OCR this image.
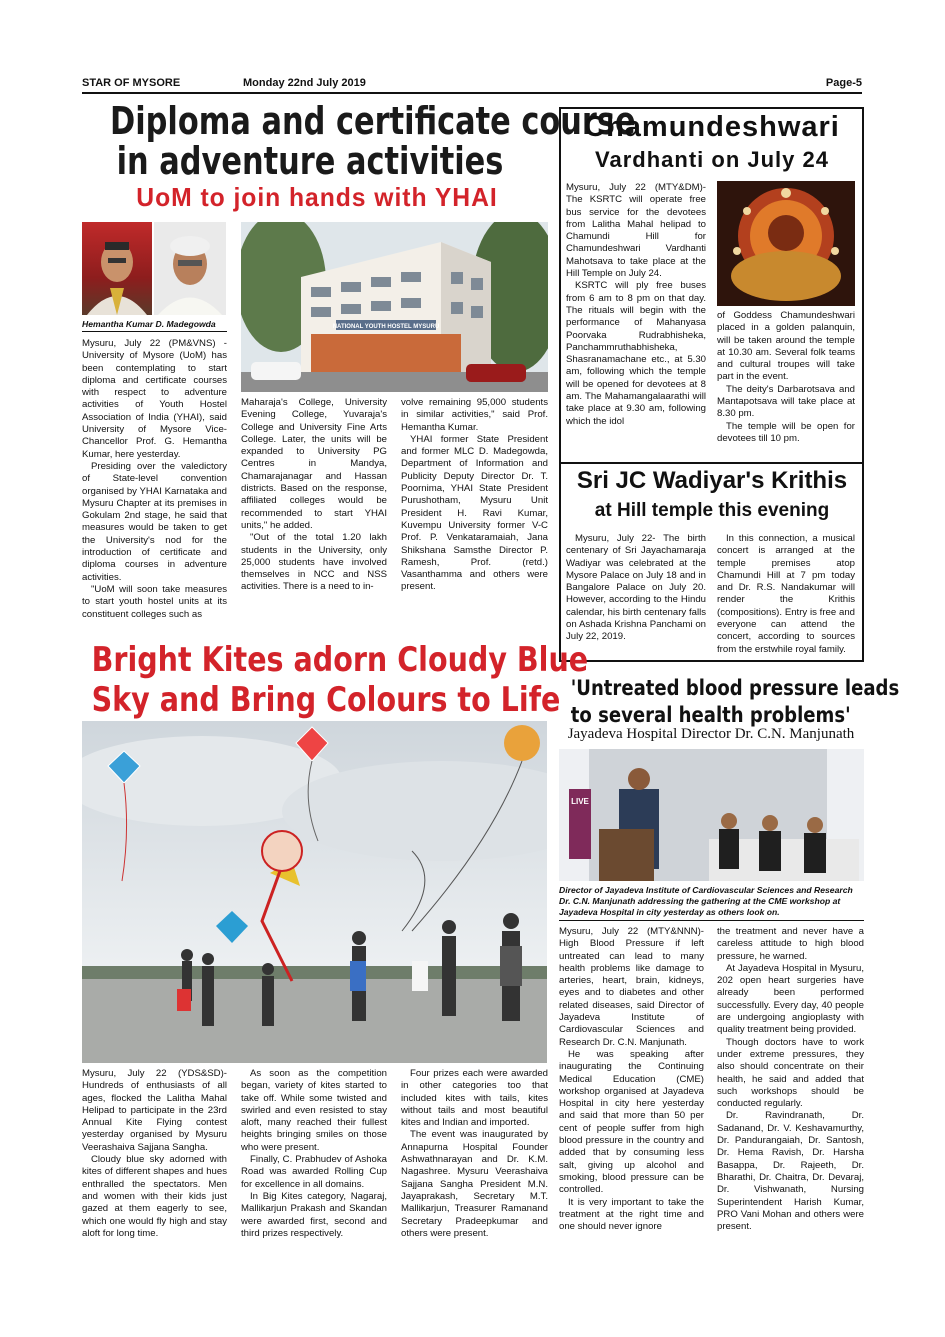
STAR OF MYSORE	Monday 22nd July 2019	Page-5
Diploma and certificate course
in adventure activities
UoM to join hands with YHAI
Hemantha Kumar D. Madegowda	NATIONAL YOUTH HOSTEL MYSURU

Mysuru, July 22 (PM&VNS) - University of Mysore (UoM) has been contemplating to start diploma and certificate courses with respect to adventure activities of Youth Hostel Association of India (YHAI), said University of Mysore Vice-Chancellor Prof. G. Hemantha Kumar, here yesterday.

Presiding over the valedictory of State-level convention organised by YHAI Karnataka and Mysuru Chapter at its premises in Gokulam 2nd stage, he said that measures would be taken to get the University's nod for the introduction of certificate and diploma courses in adventure activities.

"UoM will soon take measures to start youth hostel units at its constituent colleges such as

Maharaja's College, University Evening College, Yuvaraja's College and University Fine Arts College. Later, the units will be expanded to University PG Centres in Mandya, Chamarajanagar and Hassan districts. Based on the response, affiliated colleges would be recommended to start YHAI units," he added.

"Out of the total 1.20 lakh students in the University, only 25,000 students have involved themselves in NCC and NSS activities. There is a need to in-

volve remaining 95,000 students in similar activities," said Prof. Hemantha Kumar.

YHAI former State President and former MLC D. Madegowda, Department of Information and Publicity Deputy Director Dr. T. Poornima, YHAI State President Purushotham, Mysuru Unit President H. Ravi Kumar, Kuvempu University former V-C Prof. P. Venkataramaiah, Jana Shikshana Samsthe Director P. Ramesh, Prof. (retd.) Vasanthamma and others were present.

Chamundeshwari
Vardhanti on July 24

Mysuru, July 22 (MTY&DM)- The KSRTC will operate free bus service for the devotees from Lalitha Mahal helipad to Chamundi Hill for Chamundeshwari Vardhanti Mahotsava to take place at the Hill Temple on July 24.

KSRTC will ply free buses from 6 am to 8 pm on that day. The rituals will begin with the performance of Mahanyasa Poorvaka Rudrabhisheka, Panchammruthabhisheka, Shasranamachane etc., at 5.30 am, following which the temple will be opened for devotees at 8 am. The Mahamangalaarathi will take place at 9.30 am, following which the idol

of Goddess Chamundeshwari placed in a golden palanquin, will be taken around the temple at 10.30 am. Several folk teams and cultural troupes will take part in the event.

The deity's Darbarotsava and Mantapotsava will take place at 8.30 pm.

The temple will be open for devotees till 10 pm.

Sri JC Wadiyar's Krithis
at Hill temple this evening

Mysuru, July 22- The birth centenary of Sri Jayachamaraja Wadiyar was celebrated at the Mysore Palace on July 18 and in Bangalore Palace on July 20. However, according to the Hindu calendar, his birth centenary falls on Ashada Krishna Panchami on July 22, 2019.

In this connection, a musical concert is arranged at the temple premises atop Chamundi Hill at 7 pm today and Dr. R.S. Nandakumar will render the Krithis (compositions). Entry is free and everyone can attend the concert, according to sources from the erstwhile royal family.

Bright Kites adorn Cloudy Blue
Sky and Bring Colours to Life

Mysuru, July 22 (YDS&SD)- Hundreds of enthusiasts of all ages, flocked the Lalitha Mahal Helipad to participate in the 23rd Annual Kite Flying contest yesterday organised by Mysuru Veerashaiva Sajjana Sangha.

Cloudy blue sky adorned with kites of different shapes and hues enthralled the spectators. Men and women with their kids just gazed at them eagerly to see, which one would fly high and stay aloft for long time.

As soon as the competition began, variety of kites started to take off. While some twisted and swirled and even resisted to stay aloft, many reached their fullest heights bringing smiles on those who were present.

Finally, C. Prabhudev of Ashoka Road was awarded Rolling Cup for excellence in all domains.

In Big Kites category, Nagaraj, Mallikarjun Prakash and Skandan were awarded first, second and third prizes respectively.

Four prizes each were awarded in other categories too that included kites with tails, kites without tails and most beautiful kites and Indian and imported.

The event was inaugurated by Annapurna Hospital Founder Ashwathnarayan and Dr. K.M. Nagashree. Mysuru Veerashaiva Sajjana Sangha President M.N. Jayaprakash, Secretary M.T. Mallikarjun, Treasurer Ramanand Secretary Pradeepkumar and others were present.

'Untreated blood pressure leads
to several health problems'
Jayadeva Hospital Director Dr. C.N. Manjunath
LIVE
Director of Jayadeva Institute of Cardiovascular Sciences and Research Dr. C.N. Manjunath addressing the gathering at the CME workshop at Jayadeva Hospital in city yesterday as others look on.

Mysuru, July 22 (MTY&NNN)- High Blood Pressure if left untreated can lead to many health problems like damage to arteries, heart, brain, kidneys, eyes and to diabetes and other related diseases, said Director of Jayadeva Institute of Cardiovascular Sciences and Research Dr. C.N. Manjunath.

He was speaking after inaugurating the Continuing Medical Education (CME) workshop organised at Jayadeva Hospital in city here yesterday and said that more than 50 per cent of people suffer from high blood pressure in the country and added that by consuming less salt, giving up alcohol and smoking, blood pressure can be controlled.

It is very important to take the treatment at the right time and one should never ignore

the treatment and never have a careless attitude to high blood pressure, he warned.

At Jayadeva Hospital in Mysuru, 202 open heart surgeries have already been performed successfully. Every day, 40 people are undergoing angioplasty with quality treatment being provided.

Though doctors have to work under extreme pressures, they also should concentrate on their health, he said and added that such workshops should be conducted regularly.

Dr. Ravindranath, Dr. Sadanand, Dr. V. Keshavamurthy, Dr. Pandurangaiah, Dr. Santosh, Dr. Hema Ravish, Dr. Harsha Basappa, Dr. Rajeeth, Dr. Bharathi, Dr. Chaitra, Dr. Devaraj, Dr. Vishwanath, Nursing Superintendent Harish Kumar, PRO Vani Mohan and others were present.
